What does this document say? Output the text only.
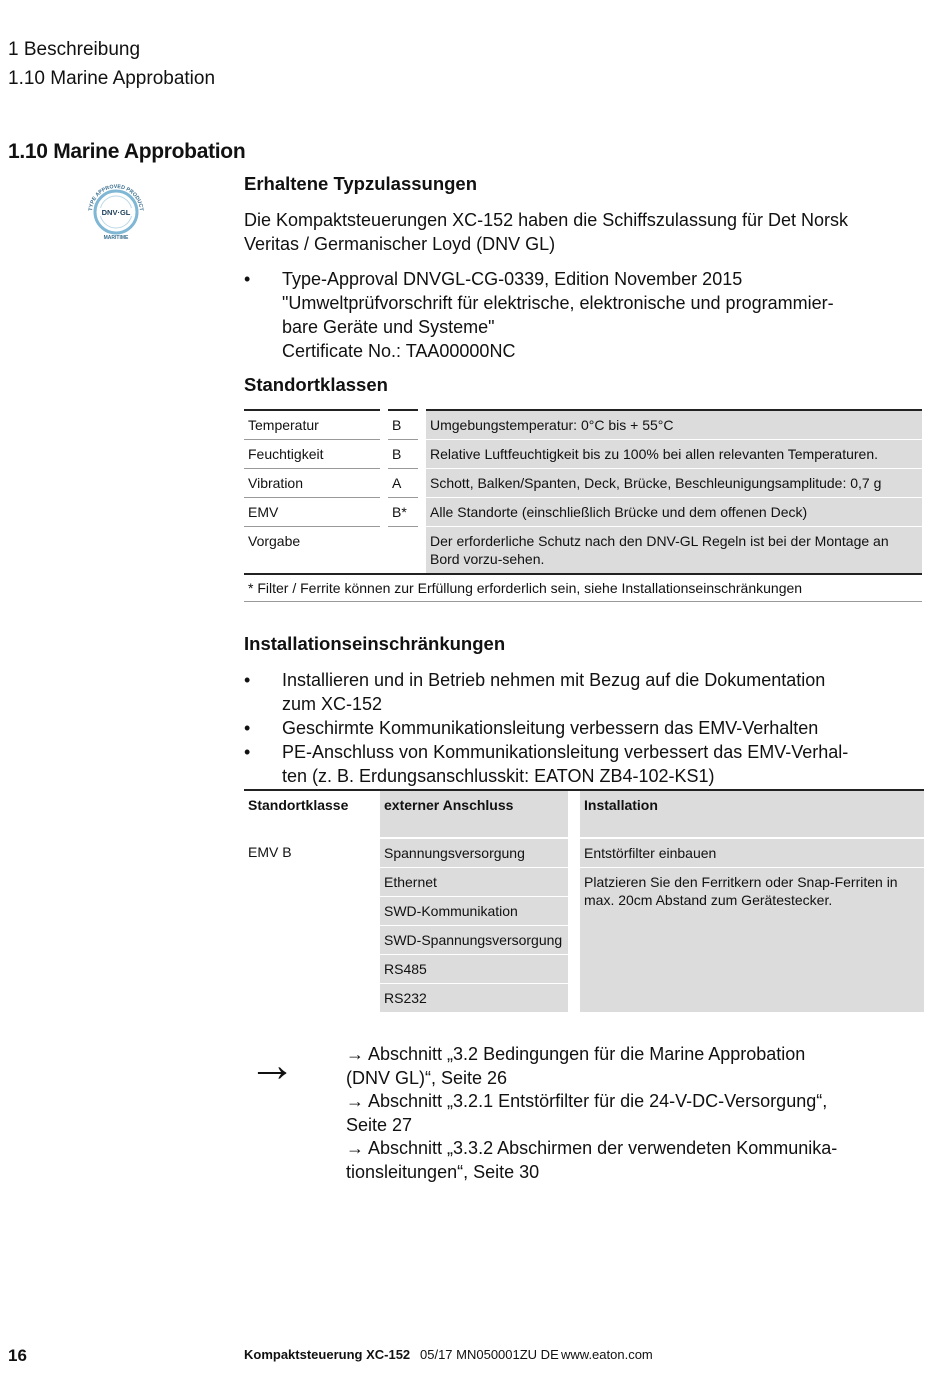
1 Beschreibung
1.10 Marine Approbation
1.10 Marine Approbation
TYPE APPROVED PRODUCT
DNV·GL
MARITIME
Erhaltene Typzulassungen
Die Kompaktsteuerungen XC-152 haben die Schiffszulassung für Det Norsk
Veritas / Germanischer Loyd (DNV GL)
• Type-Approval DNVGL-CG-0339, Edition November 2015
"Umweltprüfvorschrift für elektrische, elektronische und programmier-
bare Geräte und Systeme"
Certificate No.: TAA00000NC
Standortklassen
Temperatur		B		Umgebungstemperatur: 0°C bis + 55°C
Feuchtigkeit		B		Relative Luftfeuchtigkeit bis zu 100% bei allen relevanten Temperaturen.
Vibration		A		Schott, Balken/Spanten, Deck, Brücke, Beschleunigungsamplitude: 0,7 g
EMV		B*		Alle Standorte (einschließlich Brücke und dem offenen Deck)
Vorgabe				Der erforderliche Schutz nach den DNV-GL Regeln ist bei der Montage an Bord vorzu-sehen.
* Filter / Ferrite können zur Erfüllung erforderlich sein, siehe Installationseinschränkungen				
Installationseinschränkungen
• Installieren und in Betrieb nehmen mit Bezug auf die Dokumentation
zum XC-152
• Geschirmte Kommunikationsleitung verbessern das EMV-Verhalten
• PE-Anschluss von Kommunikationsleitung verbessert das EMV-Verhal-
ten (z. B. Erdungsanschlusskit: EATON ZB4-102-KS1)
Standortklasse		externer Anschluss		Installation
EMV B		Spannungsversorgung		Entstörfilter einbauen
		Ethernet		Platzieren Sie den Ferritkern oder Snap-Ferriten in max. 20cm Abstand zum Gerätestecker.
		SWD-Kommunikation		
		SWD-Spannungsversorgung		
		RS485		
		RS232		
→	→ Abschnitt „3.2 Bedingungen für die Marine Approbation
(DNV GL)“, Seite 26
→ Abschnitt „3.2.1 Entstörfilter für die 24-V-DC-Versorgung“,
Seite 27
→ Abschnitt „3.3.2 Abschirmen der verwendeten Kommunika-
tionsleitungen“, Seite 30
16	Kompaktsteuerung XC-152 05/17 MN050001ZU DE www.eaton.com
